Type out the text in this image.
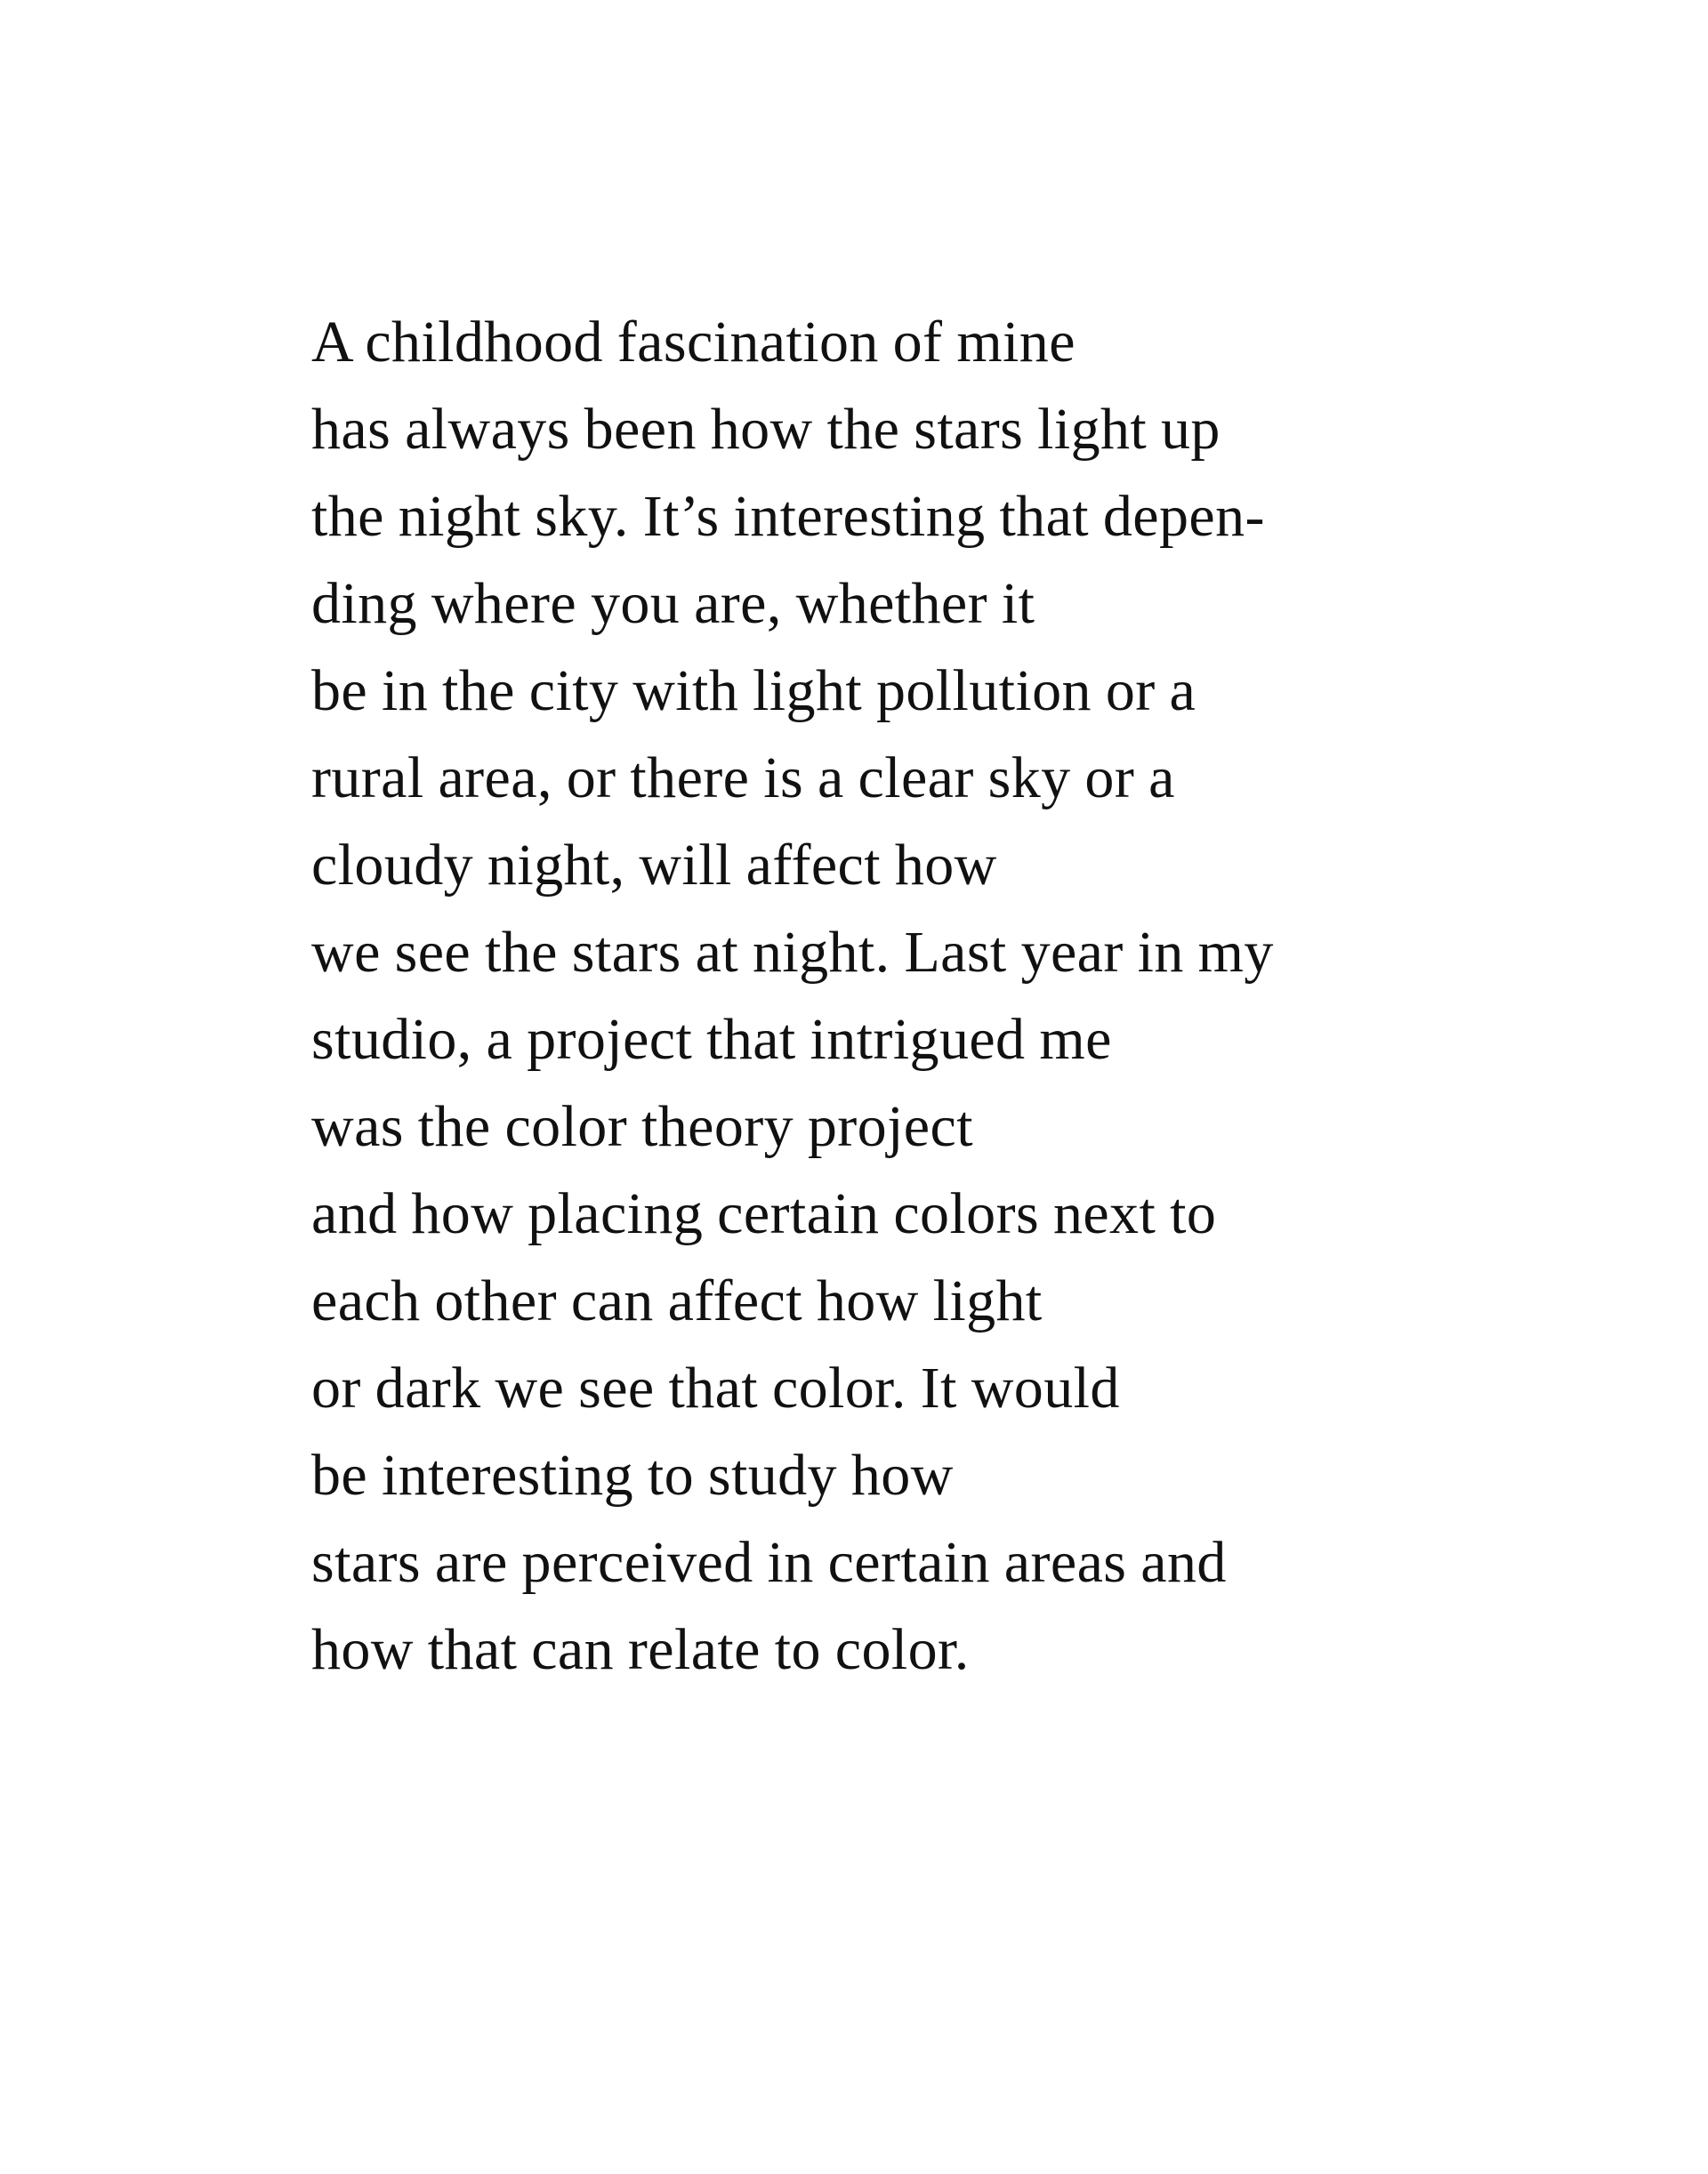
A childhood fascination of mine
has always been how the stars light up
the night sky. It’s interesting that depen-
ding where you are, whether it
be in the city with light pollution or a
rural area, or there is a clear sky or a
cloudy night, will affect how
we see the stars at night. Last year in my
studio, a project that intrigued me
was the color theory project
and how placing certain colors next to
each other can affect how light
or dark we see that color. It would
be interesting to study how
stars are perceived in certain areas and
how that can relate to color.
